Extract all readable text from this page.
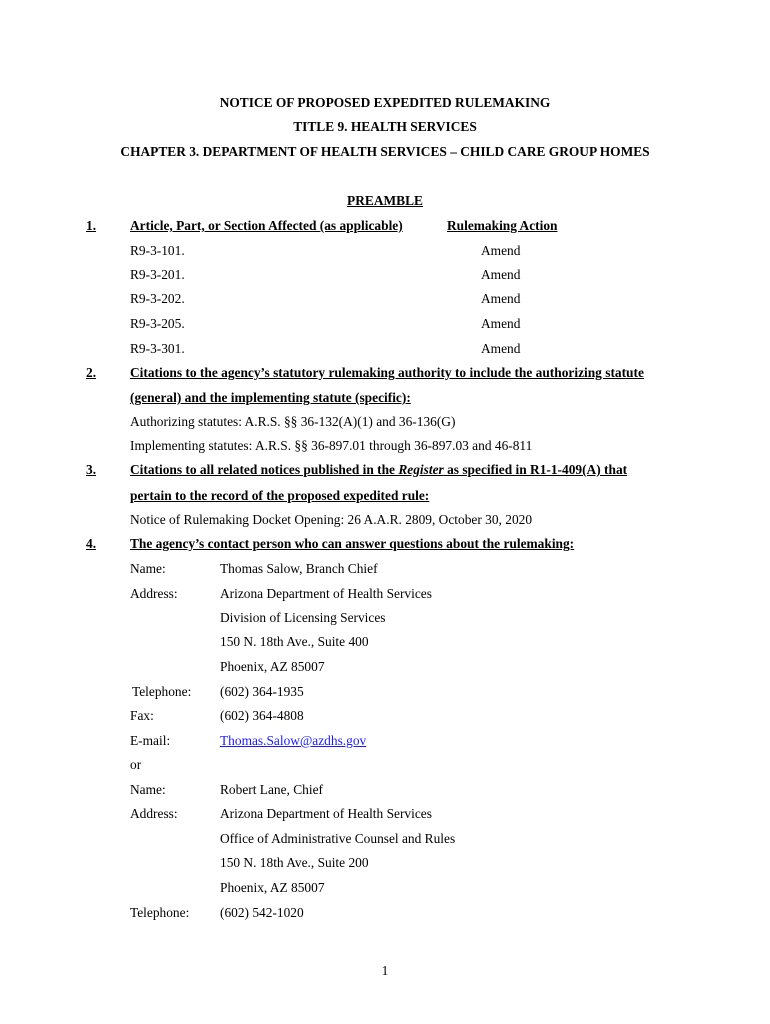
NOTICE OF PROPOSED EXPEDITED RULEMAKING
TITLE 9. HEALTH SERVICES
CHAPTER 3. DEPARTMENT OF HEALTH SERVICES – CHILD CARE GROUP HOMES
PREAMBLE
1.	Article, Part, or Section Affected (as applicable)	Rulemaking Action
R9-3-101.	Amend
R9-3-201.	Amend
R9-3-202.	Amend
R9-3-205.	Amend
R9-3-301.	Amend
2.	Citations to the agency’s statutory rulemaking authority to include the authorizing statute
(general) and the implementing statute (specific):
Authorizing statutes: A.R.S. §§ 36-132(A)(1) and 36-136(G)
Implementing statutes: A.R.S. §§ 36-897.01 through 36-897.03 and 46-811
3.	Citations to all related notices published in the Register as specified in R1-1-409(A) that
pertain to the record of the proposed expedited rule:
Notice of Rulemaking Docket Opening: 26 A.A.R. 2809, October 30, 2020
4.	The agency’s contact person who can answer questions about the rulemaking:
Name:	Thomas Salow, Branch Chief
Address:	Arizona Department of Health Services
Division of Licensing Services
150 N. 18th Ave., Suite 400
Phoenix, AZ 85007
Telephone: (602) 364-1935
Fax:	(602) 364-4808
E-mail:	Thomas.Salow@azdhs.gov
or
Name:	Robert Lane, Chief
Address:	Arizona Department of Health Services
Office of Administrative Counsel and Rules
150 N. 18th Ave., Suite 200
Phoenix, AZ 85007
Telephone: (602) 542-1020
1
